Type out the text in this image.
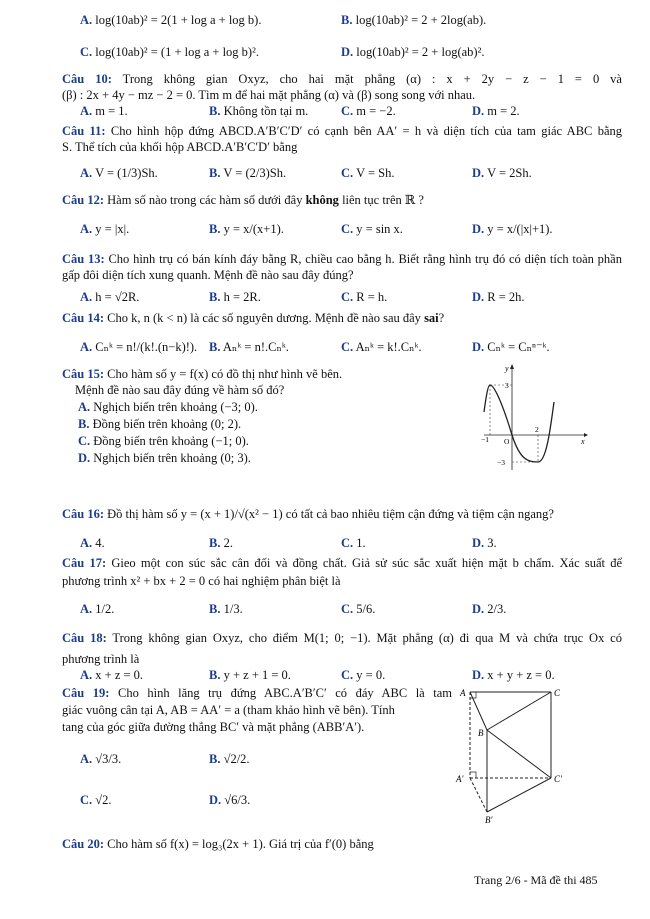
A. log(10ab)² = 2(1 + log a + log b).	B. log(10ab)² = 2 + 2log(ab).
C. log(10ab)² = (1 + log a + log b)².	D. log(10ab)² = 2 + log(ab)².
Câu 10: Trong không gian Oxyz, cho hai mặt phẳng (α) : x + 2y − z − 1 = 0 và
(β) : 2x + 4y − mz − 2 = 0. Tìm m để hai mặt phẳng (α) và (β) song song với nhau.
A. m = 1.	B. Không tồn tại m.	C. m = −2.	D. m = 2.
Câu 11: Cho hình hộp đứng ABCD.A′B′C′D′ có cạnh bên AA′ = h và diện tích của tam giác ABC bằng
S. Thể tích của khối hộp ABCD.A′B′C′D′ bằng
A. V = (1/3)Sh.	B. V = (2/3)Sh.	C. V = Sh.	D. V = 2Sh.
Câu 12: Hàm số nào trong các hàm số dưới đây không liên tục trên ℝ ?
A. y = |x|.	B. y = x/(x+1).	C. y = sin x.	D. y = x/(|x|+1).
Câu 13: Cho hình trụ có bán kính đáy bằng R, chiều cao bằng h. Biết rằng hình trụ đó có diện tích toàn phần
gấp đôi diện tích xung quanh. Mệnh đề nào sau đây đúng?
A. h = √2R.	B. h = 2R.	C. R = h.	D. R = 2h.
Câu 14: Cho k, n (k < n) là các số nguyên dương. Mệnh đề nào sau đây sai?
A. Cₙᵏ = n!/(k!.(n−k)!). B. Aₙᵏ = n!.Cₙᵏ.	C. Aₙᵏ = k!.Cₙᵏ.	D. Cₙᵏ = Cₙⁿ⁻ᵏ.
Câu 15: Cho hàm số y = f(x) có đồ thị như hình vẽ bên.
Mệnh đề nào sau đây đúng về hàm số đó?
A. Nghịch biến trên khoảng (−3; 0).
B. Đồng biến trên khoảng (0; 2).
C. Đồng biến trên khoảng (−1; 0).
D. Nghịch biến trên khoảng (0; 3).
y
x
O
3
−1
2
−3
Câu 16: Đồ thị hàm số y = (x + 1)/√(x² − 1) có tất cả bao nhiêu tiệm cận đứng và tiệm cận ngang?
A. 4.	B. 2.	C. 1.	D. 3.
Câu 17: Gieo một con súc sắc cân đối và đồng chất. Giả sử súc sắc xuất hiện mặt b chấm. Xác suất để
phương trình x² + bx + 2 = 0 có hai nghiệm phân biệt là
A. 1/2.	B. 1/3.	C. 5/6.	D. 2/3.
Câu 18: Trong không gian Oxyz, cho điểm M(1; 0; −1). Mặt phẳng (α) đi qua M và chứa trục Ox có
phương trình là
A. x + z = 0.	B. y + z + 1 = 0.	C. y = 0.	D. x + y + z = 0.
Câu 19: Cho hình lăng trụ đứng ABC.A′B′C′ có đáy ABC là tam
giác vuông cân tại A, AB = AA′ = a (tham khảo hình vẽ bên). Tính
tang của góc giữa đường thẳng BC′ và mặt phẳng (ABB′A′).
A. √3/3.	B. √2/2.
C. √2.	D. √6/3.
A	C
B
A′	C′
B′
Câu 20: Cho hàm số f(x) = log₃(2x + 1). Giá trị của f′(0) bằng
Trang 2/6 - Mã đề thi 485
